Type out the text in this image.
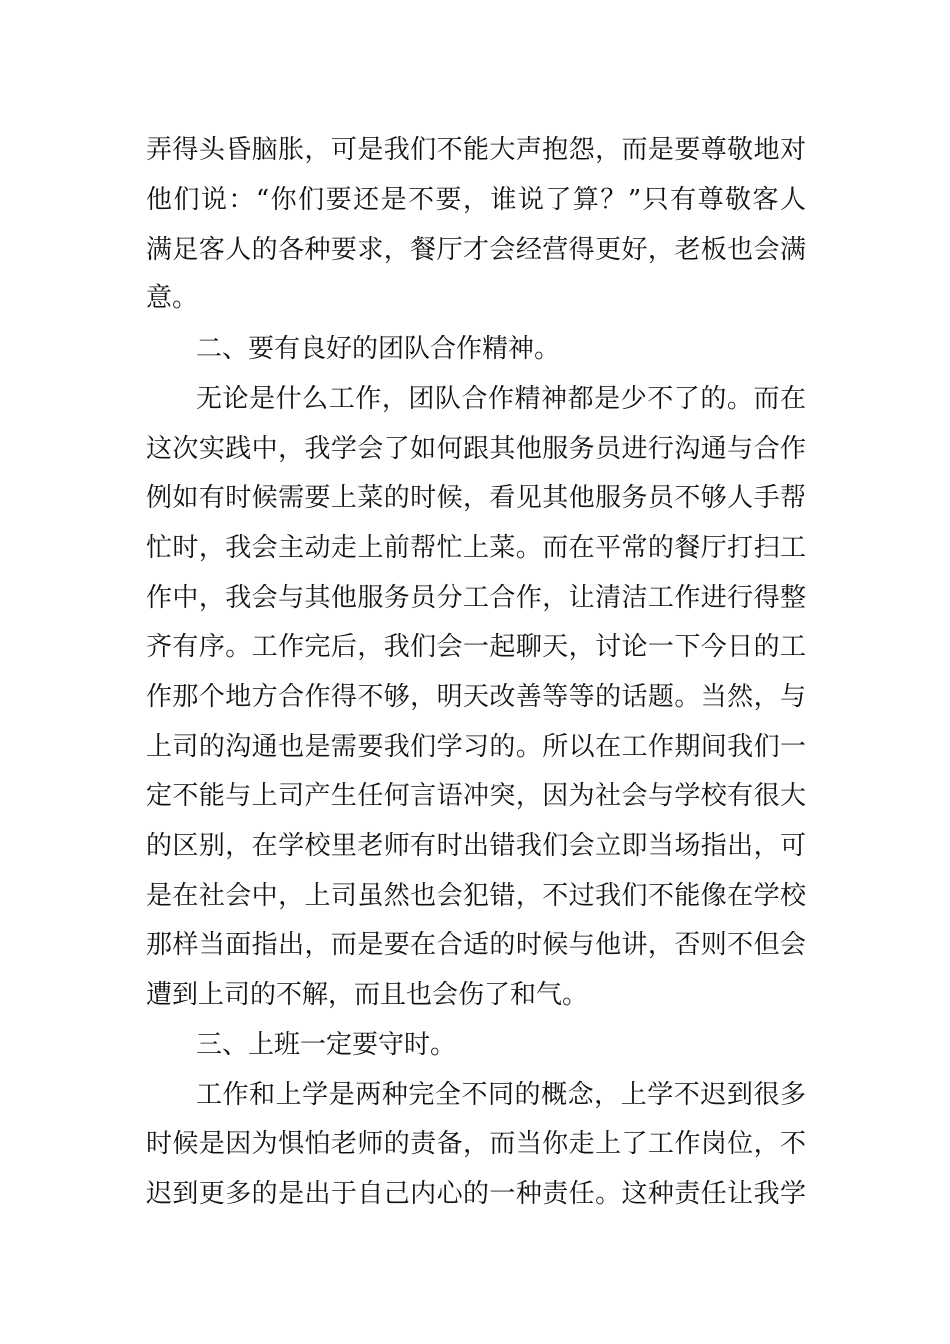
弄得头昏脑胀，可是我们不能大声抱怨，而是要尊敬地对
他们说：“你们要还是不要，谁说了算？”只有尊敬客人
满足客人的各种要求，餐厅才会经营得更好，老板也会满
意。
二、要有良好的团队合作精神。
无论是什么工作，团队合作精神都是少不了的。而在
这次实践中，我学会了如何跟其他服务员进行沟通与合作
例如有时候需要上菜的时候，看见其他服务员不够人手帮
忙时，我会主动走上前帮忙上菜。而在平常的餐厅打扫工
作中，我会与其他服务员分工合作，让清洁工作进行得整
齐有序。工作完后，我们会一起聊天，讨论一下今日的工
作那个地方合作得不够，明天改善等等的话题。当然，与
上司的沟通也是需要我们学习的。所以在工作期间我们一
定不能与上司产生任何言语冲突，因为社会与学校有很大
的区别，在学校里老师有时出错我们会立即当场指出，可
是在社会中，上司虽然也会犯错，不过我们不能像在学校
那样当面指出，而是要在合适的时候与他讲，否则不但会
遭到上司的不解，而且也会伤了和气。
三、上班一定要守时。
工作和上学是两种完全不同的概念，上学不迟到很多
时候是因为惧怕老师的责备，而当你走上了工作岗位，不
迟到更多的是出于自己内心的一种责任。这种责任让我学
